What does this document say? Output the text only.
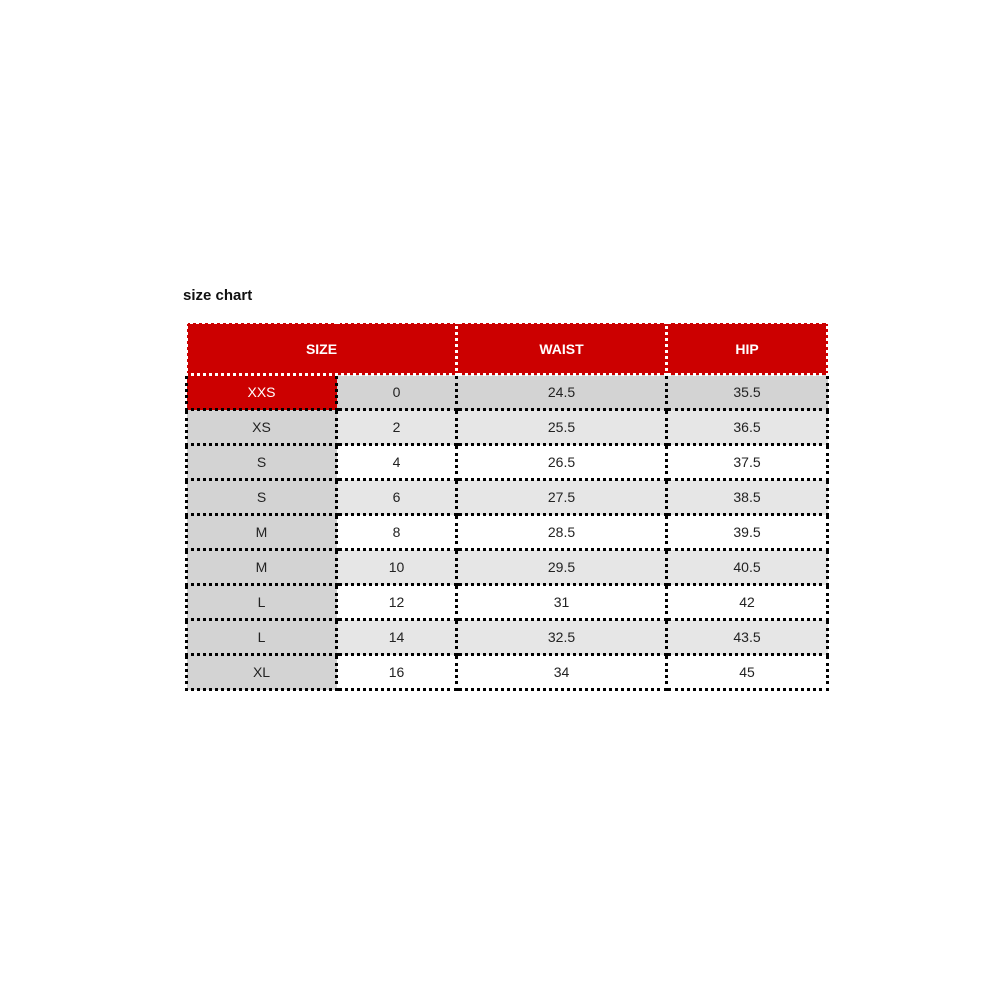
size chart
SIZE		WAIST	HIP
XXS	0	24.5	35.5
XS	2	25.5	36.5
S	4	26.5	37.5
S	6	27.5	38.5
M	8	28.5	39.5
M	10	29.5	40.5
L	12	31	42
L	14	32.5	43.5
XL	16	34	45
